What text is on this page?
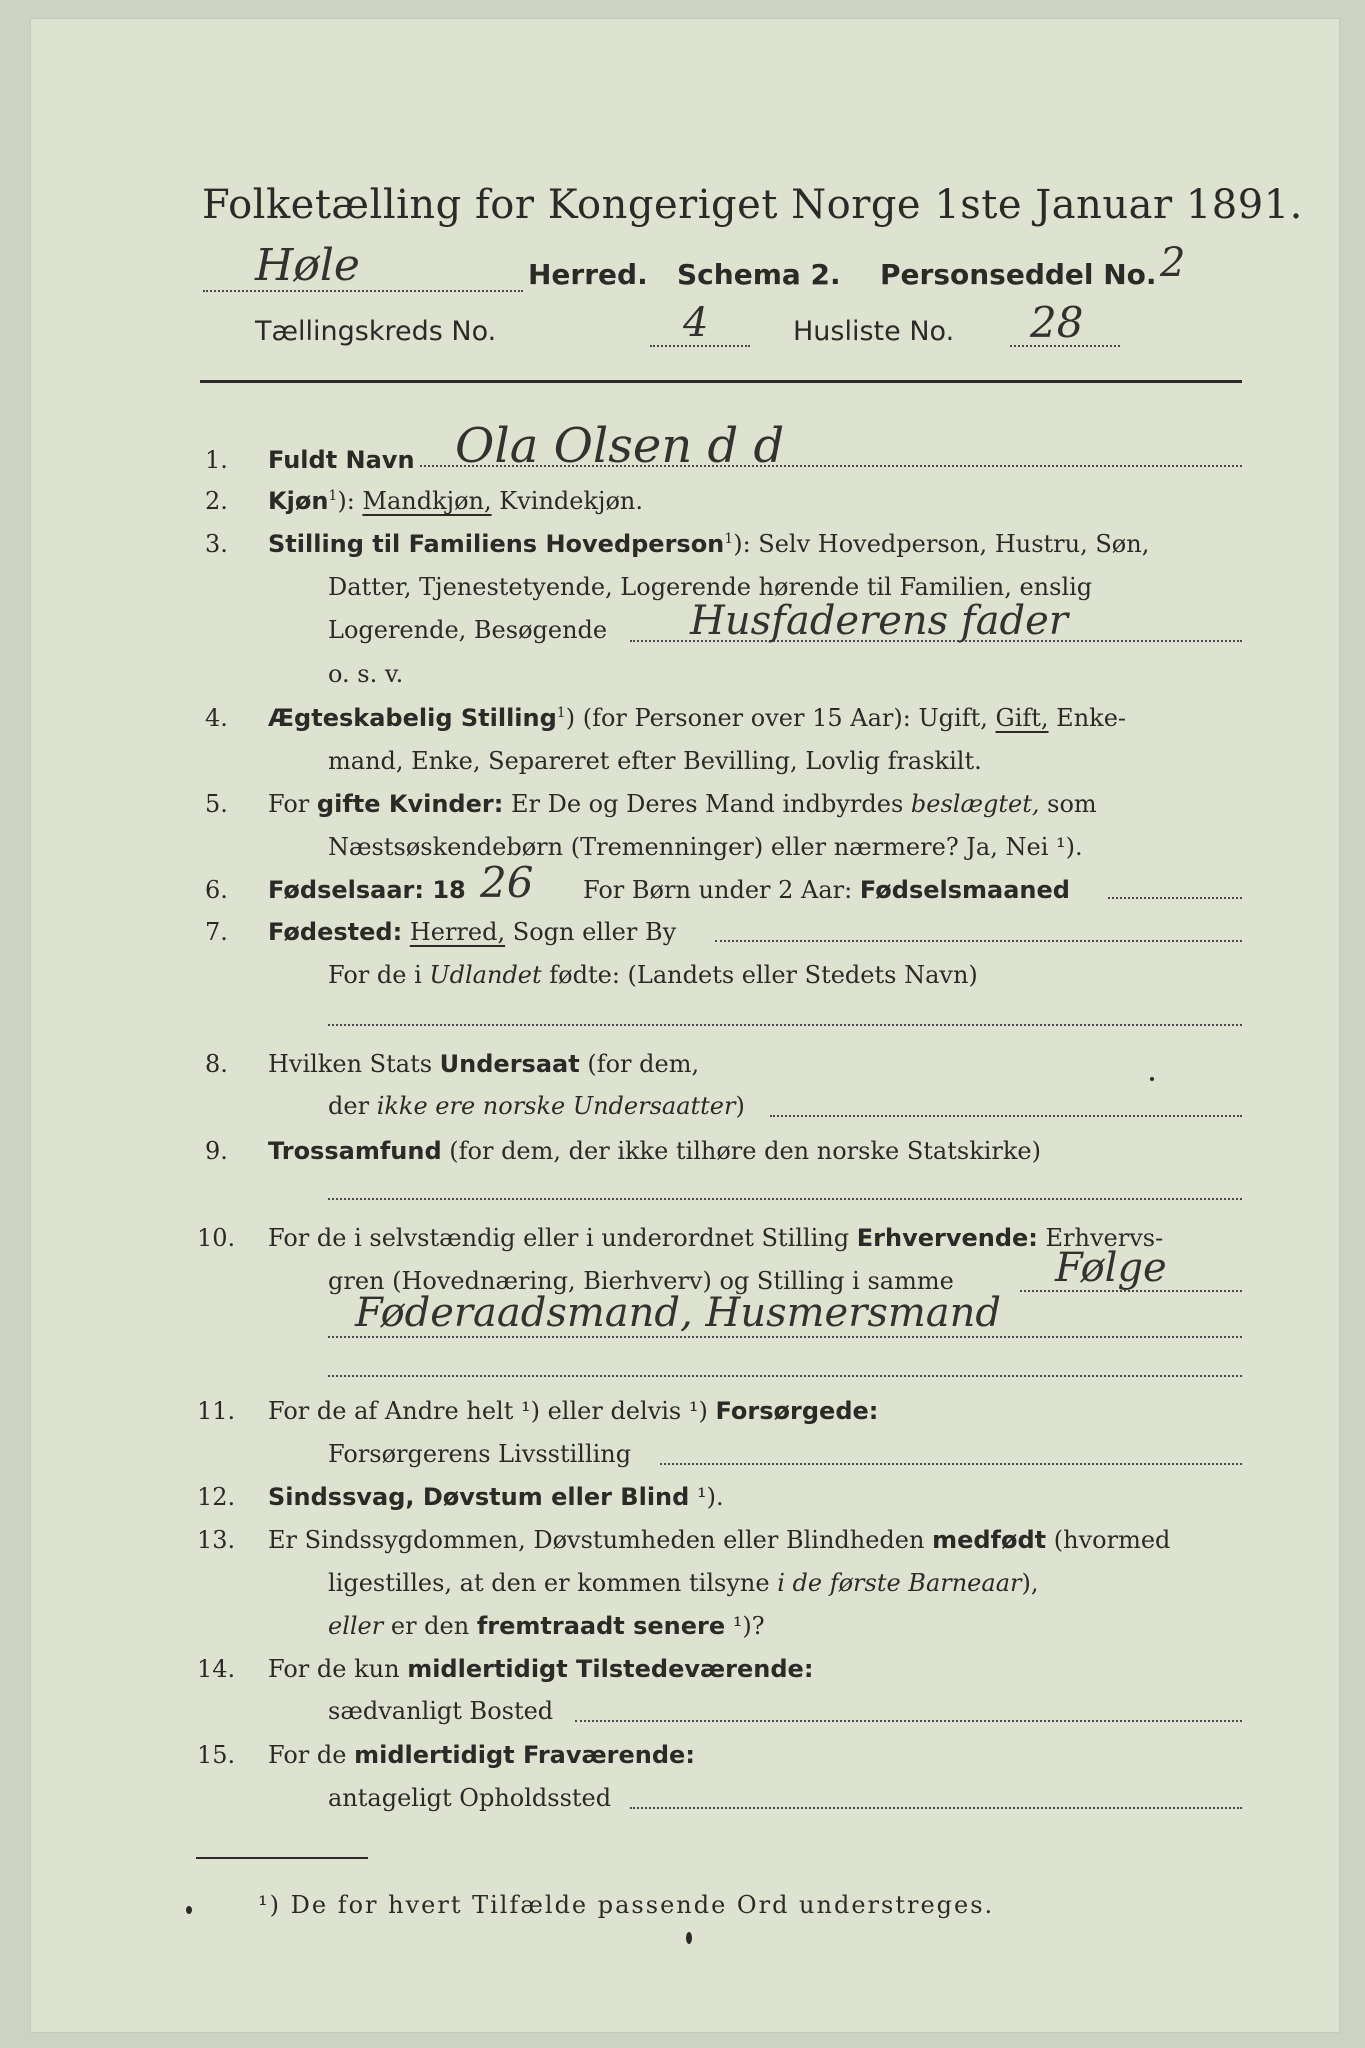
Folketælling for Kongeriget Norge 1ste Januar 1891.
Høle	Herred. Schema 2. Personseddel No. 2
Tællingskreds No.	4	Husliste No. 28
1. Fuldt Navn Ola Olsen d d
2. Kjøn$^1$): Mandkjøn, Kvindekjøn.
3. Stilling til Familiens Hovedperson$^1$): Selv Hovedperson, Hustru, Søn,
Datter, Tjenestetyende, Logerende hørende til Familien, enslig
Logerende, Besøgende Husfaderens fader
o. s. v.
4. Ægteskabelig Stilling$^1$) (for Personer over 15 Aar): Ugift, Gift, Enke-
mand, Enke, Separeret efter Bevilling, Lovlig fraskilt.
5. For gifte Kvinder: Er De og Deres Mand indbyrdes beslægtet, som
Næstsøskendebørn (Tremenninger) eller nærmere? Ja, Nei ¹).
6. Fødselsaar: 18 26 For Børn under 2 Aar: Fødselsmaaned
7. Fødested: Herred, Sogn eller By
For de i Udlandet fødte: (Landets eller Stedets Navn)
8. Hvilken Stats Undersaat (for dem,
der ikke ere norske Undersaatter)
9. Trossamfund (for dem, der ikke tilhøre den norske Statskirke)
10. For de i selvstændig eller i underordnet Stilling Erhvervende: Erhvervs-
gren (Hovednæring, Bierhverv) og Stilling i samme	Følge
Føderaadsmand, Husmersmand
11. For de af Andre helt ¹) eller delvis ¹) Forsørgede:
Forsørgerens Livsstilling
12. Sindssvag, Døvstum eller Blind ¹).
13. Er Sindssygdommen, Døvstumheden eller Blindheden medfødt (hvormed
ligestilles, at den er kommen tilsyne i de første Barneaar),
eller er den fremtraadt senere ¹)?
14. For de kun midlertidigt Tilstedeværende:
sædvanligt Bosted
15. For de midlertidigt Fraværende:
antageligt Opholdssted
¹) De for hvert Tilfælde passende Ord understreges.
